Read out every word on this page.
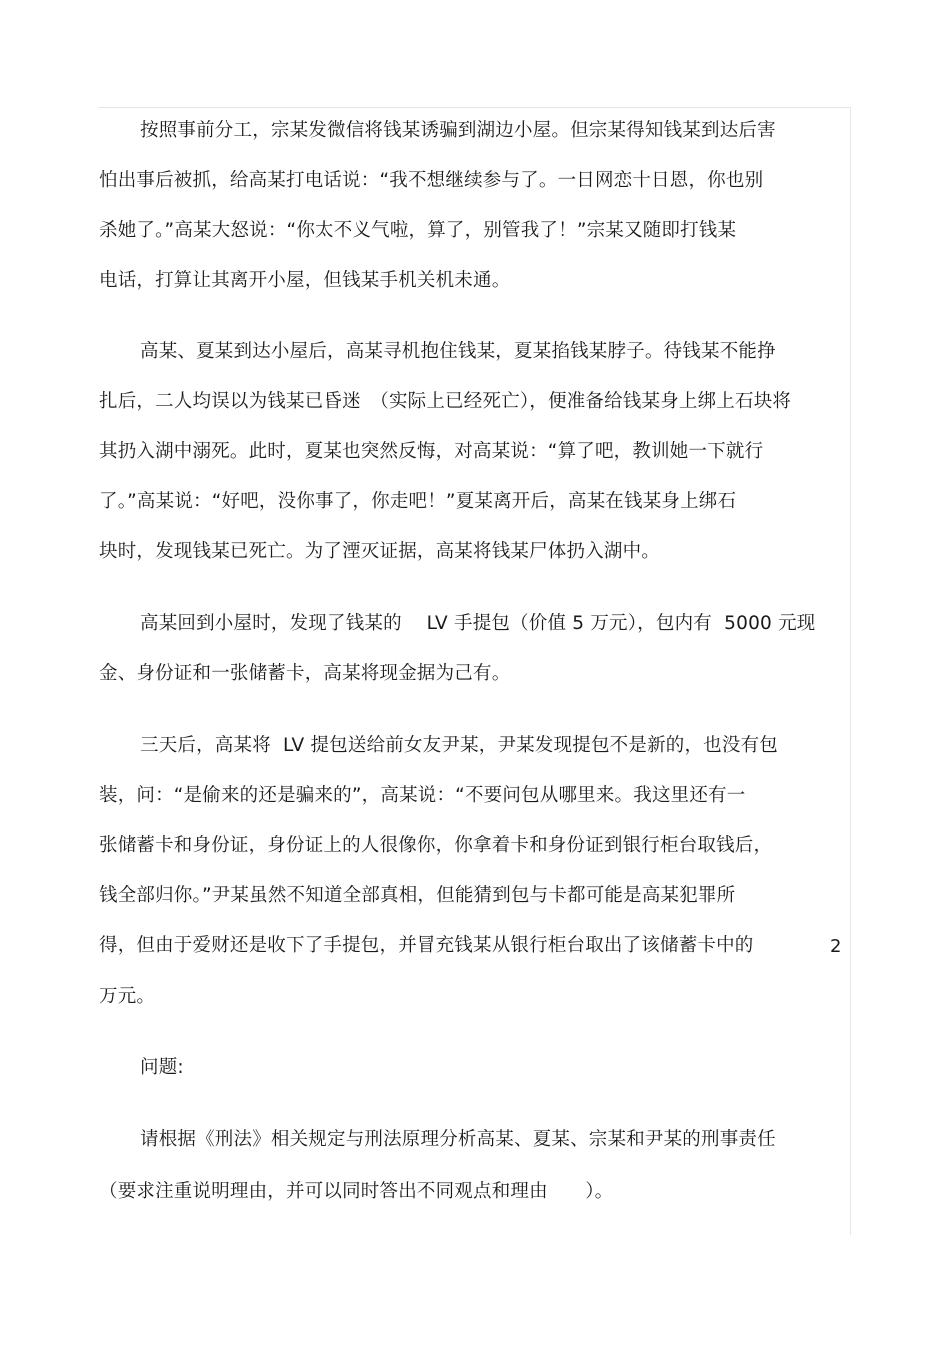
按照事前分工，宗某发微信将钱某诱骗到湖边小屋。但宗某得知钱某到达后害
怕出事后被抓，给高某打电话说：“我不想继续参与了。一日网恋十日恩，你也别
杀她了。”高某大怒说：“你太不义气啦，算了，别管我了！”宗某又随即打钱某
电话，打算让其离开小屋，但钱某手机关机未通。
高某、夏某到达小屋后，高某寻机抱住钱某，夏某掐钱某脖子。待钱某不能挣
扎后，二人均误以为钱某已昏迷　（实际上已经死亡），便准备给钱某身上绑上石块将
其扔入湖中溺死。此时，夏某也突然反悔，对高某说：“算了吧，教训她一下就行
了。”高某说：“好吧，没你事了，你走吧！”夏某离开后，高某在钱某身上绑石
块时，发现钱某已死亡。为了湮灭证据，高某将钱某尸体扔入湖中。
高某回到小屋时，发现了钱某的　 LV 手提包（价值 5 万元），包内有  5000 元现
金、身份证和一张储蓄卡，高某将现金据为己有。
三天后，高某将  LV 提包送给前女友尹某，尹某发现提包不是新的，也没有包
装，问：“是偷来的还是骗来的”，高某说：“不要问包从哪里来。我这里还有一
张储蓄卡和身份证，身份证上的人很像你，你拿着卡和身份证到银行柜台取钱后，
钱全部归你。”尹某虽然不知道全部真相，但能猜到包与卡都可能是高某犯罪所
得，但由于爱财还是收下了手提包，并冒充钱某从银行柜台取出了该储蓄卡中的	2
万元。
问题:
请根据《刑法》相关规定与刑法原理分析高某、夏某、宗某和尹某的刑事责任
（要求注重说明理由，并可以同时答出不同观点和理由　　）。
